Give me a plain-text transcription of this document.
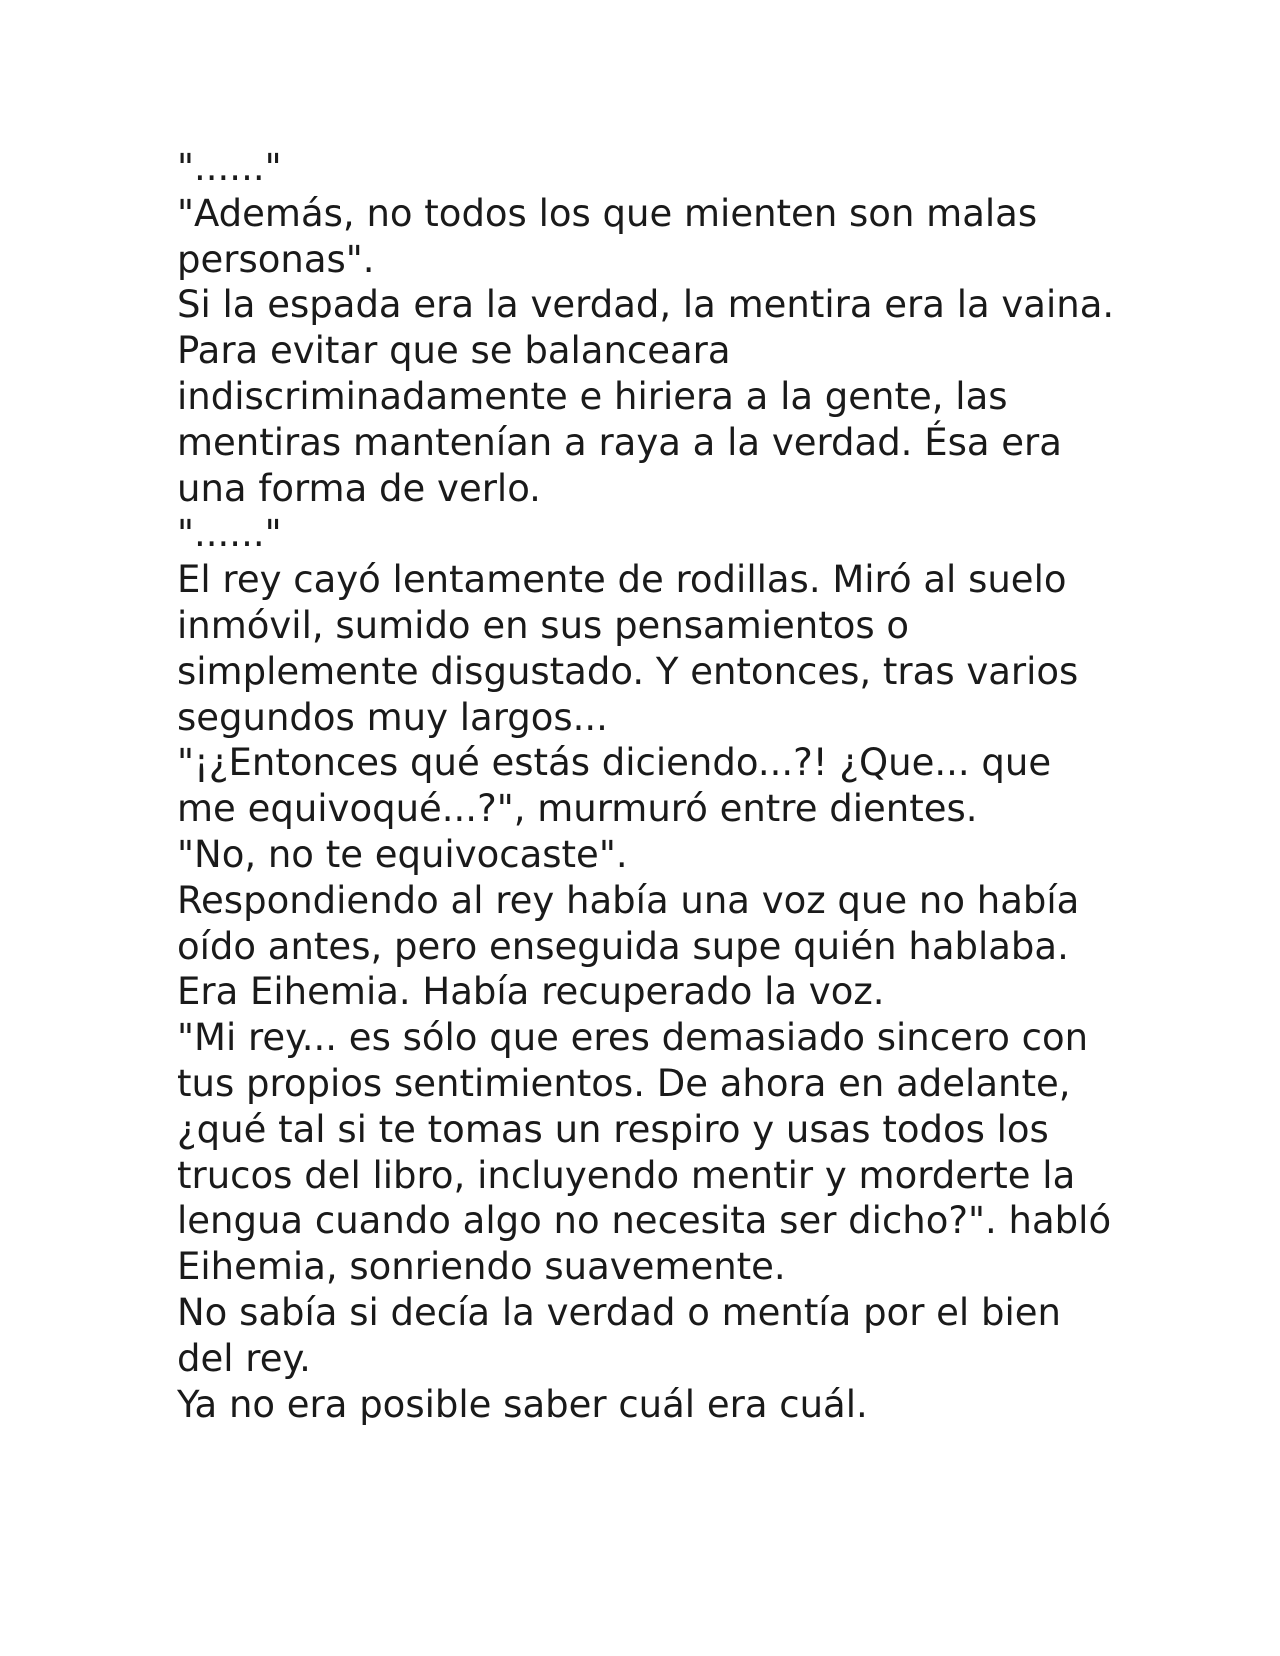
"......"

"Además, no todos los que mienten son malas personas".

Si la espada era la verdad, la mentira era la vaina. Para evitar que se balanceara indiscriminadamente e hiriera a la gente, las mentiras mantenían a raya a la verdad. Ésa era una forma de verlo.

"......"

El rey cayó lentamente de rodillas. Miró al suelo inmóvil, sumido en sus pensamientos o simplemente disgustado. Y entonces, tras varios segundos muy largos...

"¡¿Entonces qué estás diciendo...?! ¿Que... que me equivoqué...?", murmuró entre dientes.

"No, no te equivocaste".

Respondiendo al rey había una voz que no había oído antes, pero enseguida supe quién hablaba. Era Eihemia. Había recuperado la voz.

"Mi rey... es sólo que eres demasiado sincero con tus propios sentimientos. De ahora en adelante, ¿qué tal si te tomas un respiro y usas todos los trucos del libro, incluyendo mentir y morderte la lengua cuando algo no necesita ser dicho?". habló Eihemia, sonriendo suavemente.

No sabía si decía la verdad o mentía por el bien del rey.

Ya no era posible saber cuál era cuál.
